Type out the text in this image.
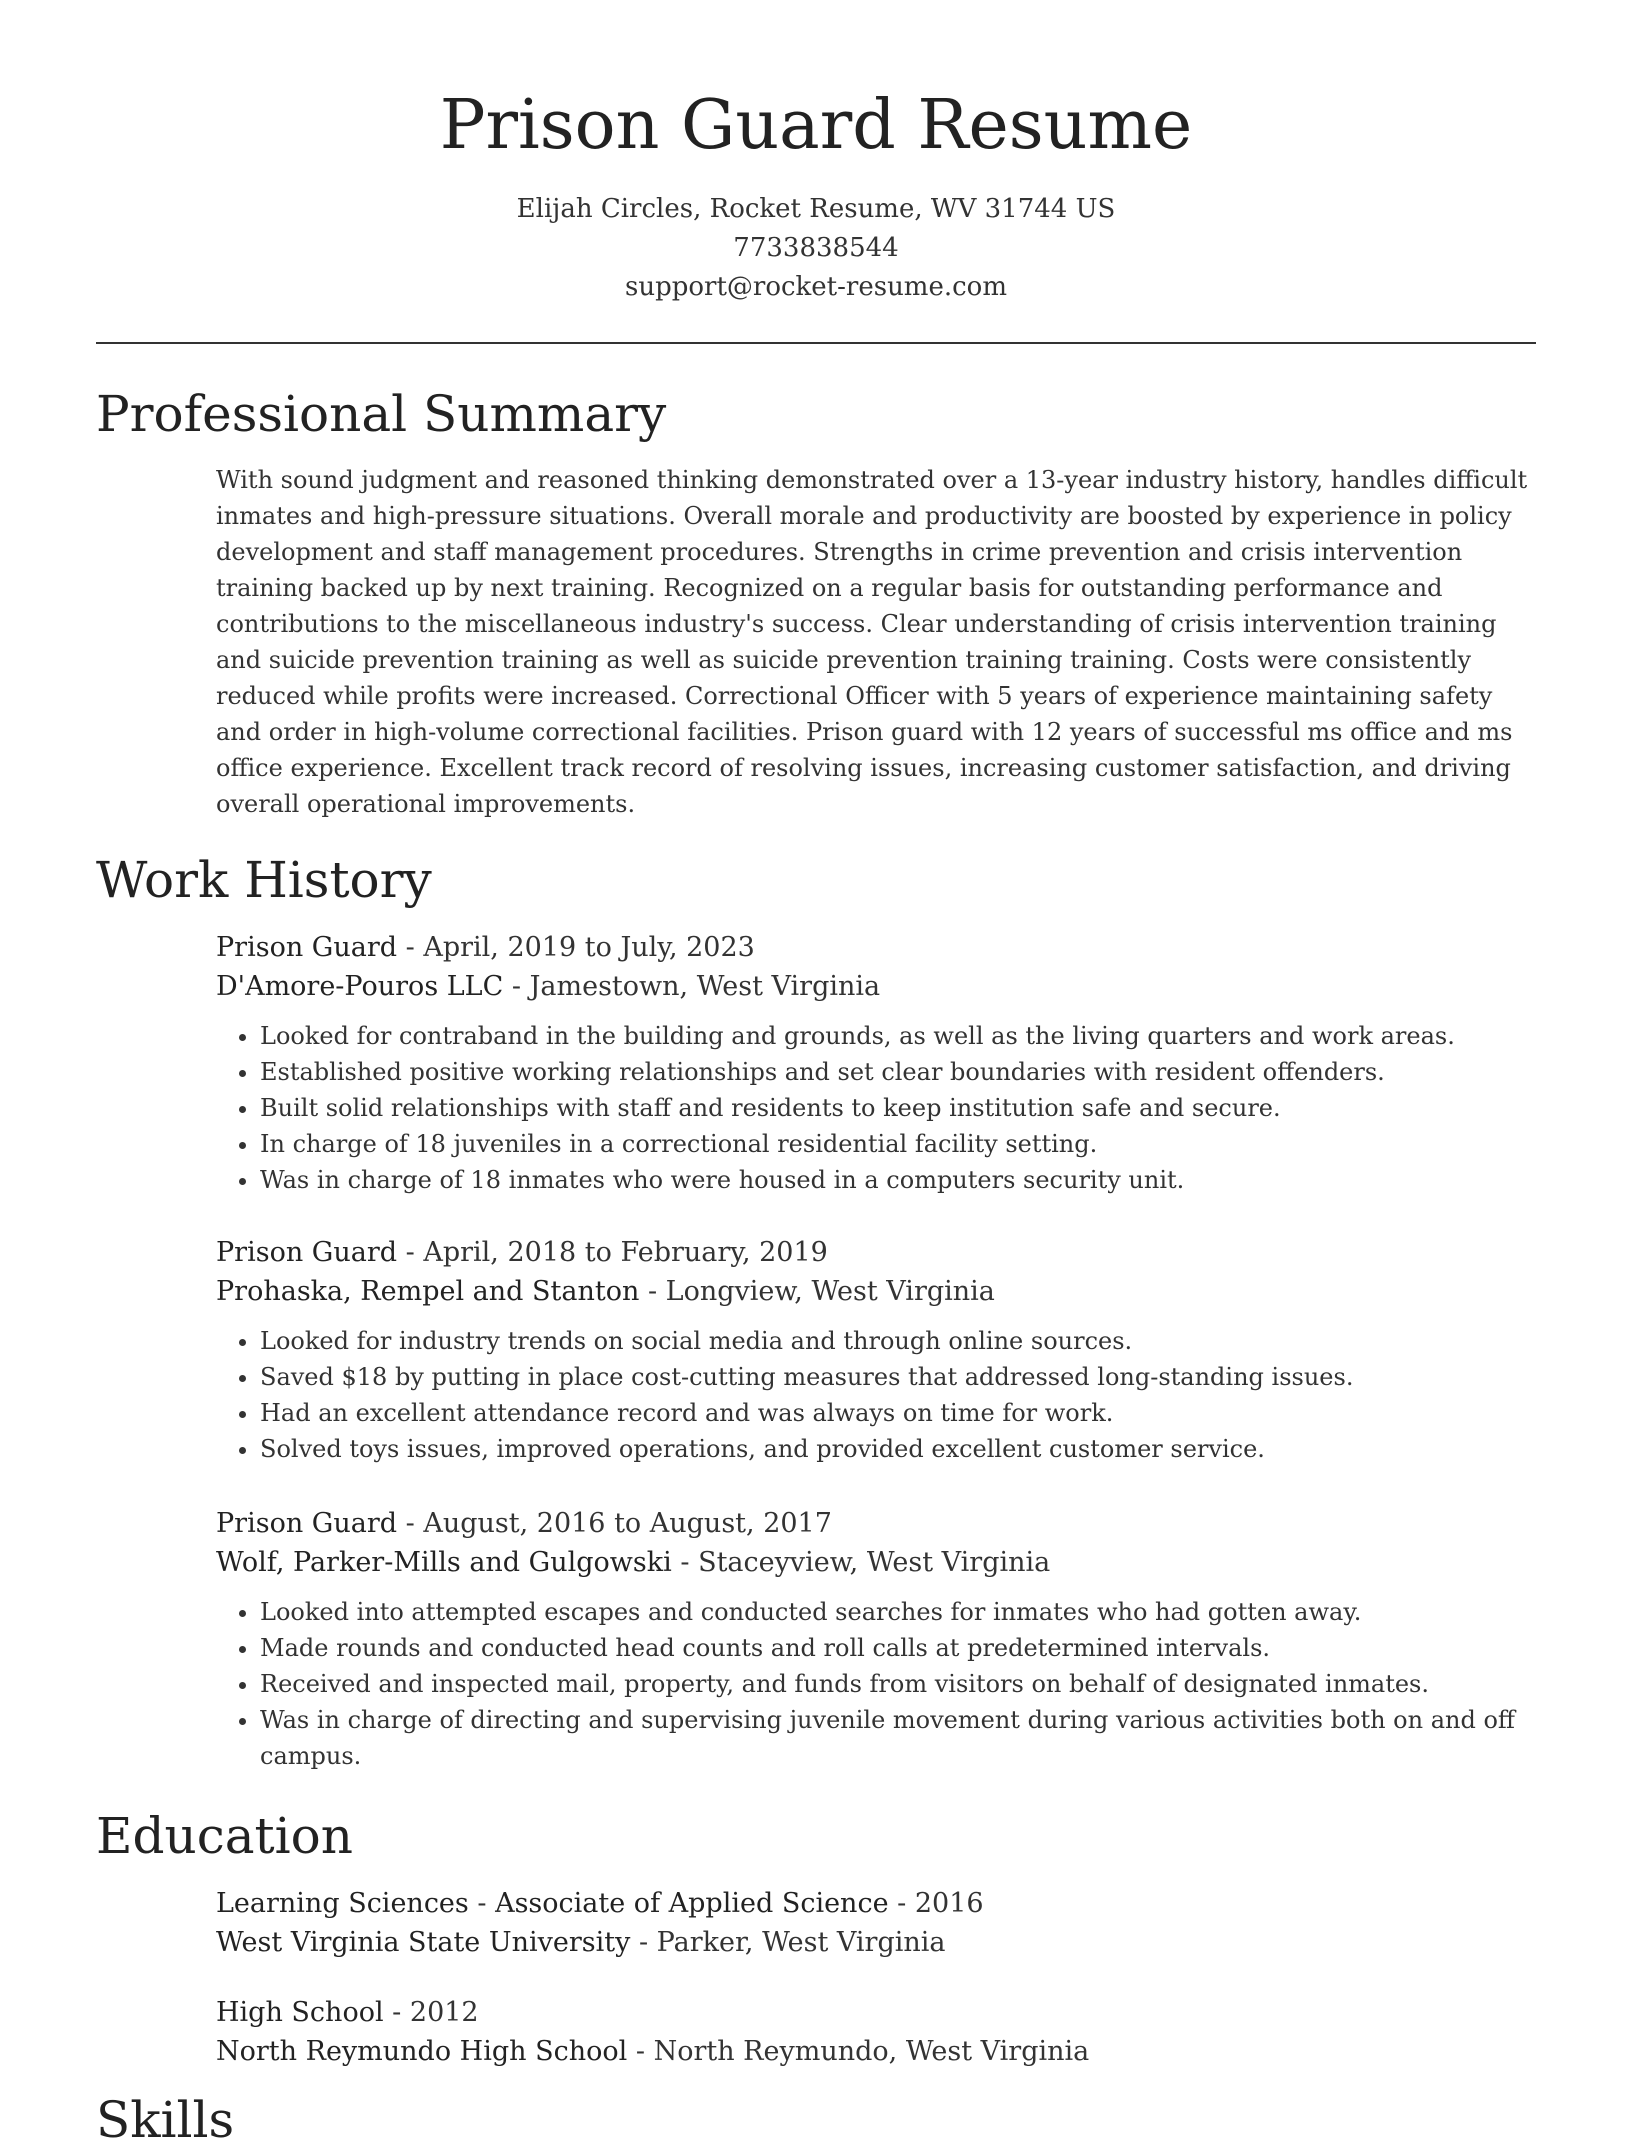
Prison Guard Resume
Elijah Circles, Rocket Resume, WV 31744 US
7733838544
support@rocket-resume.com
Professional Summary

With sound judgment and reasoned thinking demonstrated over a 13-year industry history, handles difficult inmates and high-pressure situations. Overall morale and productivity are boosted by experience in policy development and staff management procedures. Strengths in crime prevention and crisis intervention training backed up by next training. Recognized on a regular basis for outstanding performance and contributions to the miscellaneous industry's success. Clear understanding of crisis intervention training and suicide prevention training as well as suicide prevention training training. Costs were consistently reduced while profits were increased. Correctional Officer with 5 years of experience maintaining safety and order in high-volume correctional facilities. Prison guard with 12 years of successful ms office and ms office experience. Excellent track record of resolving issues, increasing customer satisfaction, and driving overall operational improvements.

Work History
Prison Guard - April, 2019 to July, 2023
D'Amore-Pouros LLC - Jamestown, West Virginia
• Looked for contraband in the building and grounds, as well as the living quarters and work areas.
• Established positive working relationships and set clear boundaries with resident offenders.
• Built solid relationships with staff and residents to keep institution safe and secure.
• In charge of 18 juveniles in a correctional residential facility setting.
• Was in charge of 18 inmates who were housed in a computers security unit.
Prison Guard - April, 2018 to February, 2019
Prohaska, Rempel and Stanton - Longview, West Virginia
• Looked for industry trends on social media and through online sources.
• Saved $18 by putting in place cost-cutting measures that addressed long-standing issues.
• Had an excellent attendance record and was always on time for work.
• Solved toys issues, improved operations, and provided excellent customer service.
Prison Guard - August, 2016 to August, 2017
Wolf, Parker-Mills and Gulgowski - Staceyview, West Virginia
• Looked into attempted escapes and conducted searches for inmates who had gotten away.
• Made rounds and conducted head counts and roll calls at predetermined intervals.
• Received and inspected mail, property, and funds from visitors on behalf of designated inmates.
• Was in charge of directing and supervising juvenile movement during various activities both on and off campus.
Education
Learning Sciences - Associate of Applied Science - 2016
West Virginia State University - Parker, West Virginia
High School - 2012
North Reymundo High School - North Reymundo, West Virginia
Skills
